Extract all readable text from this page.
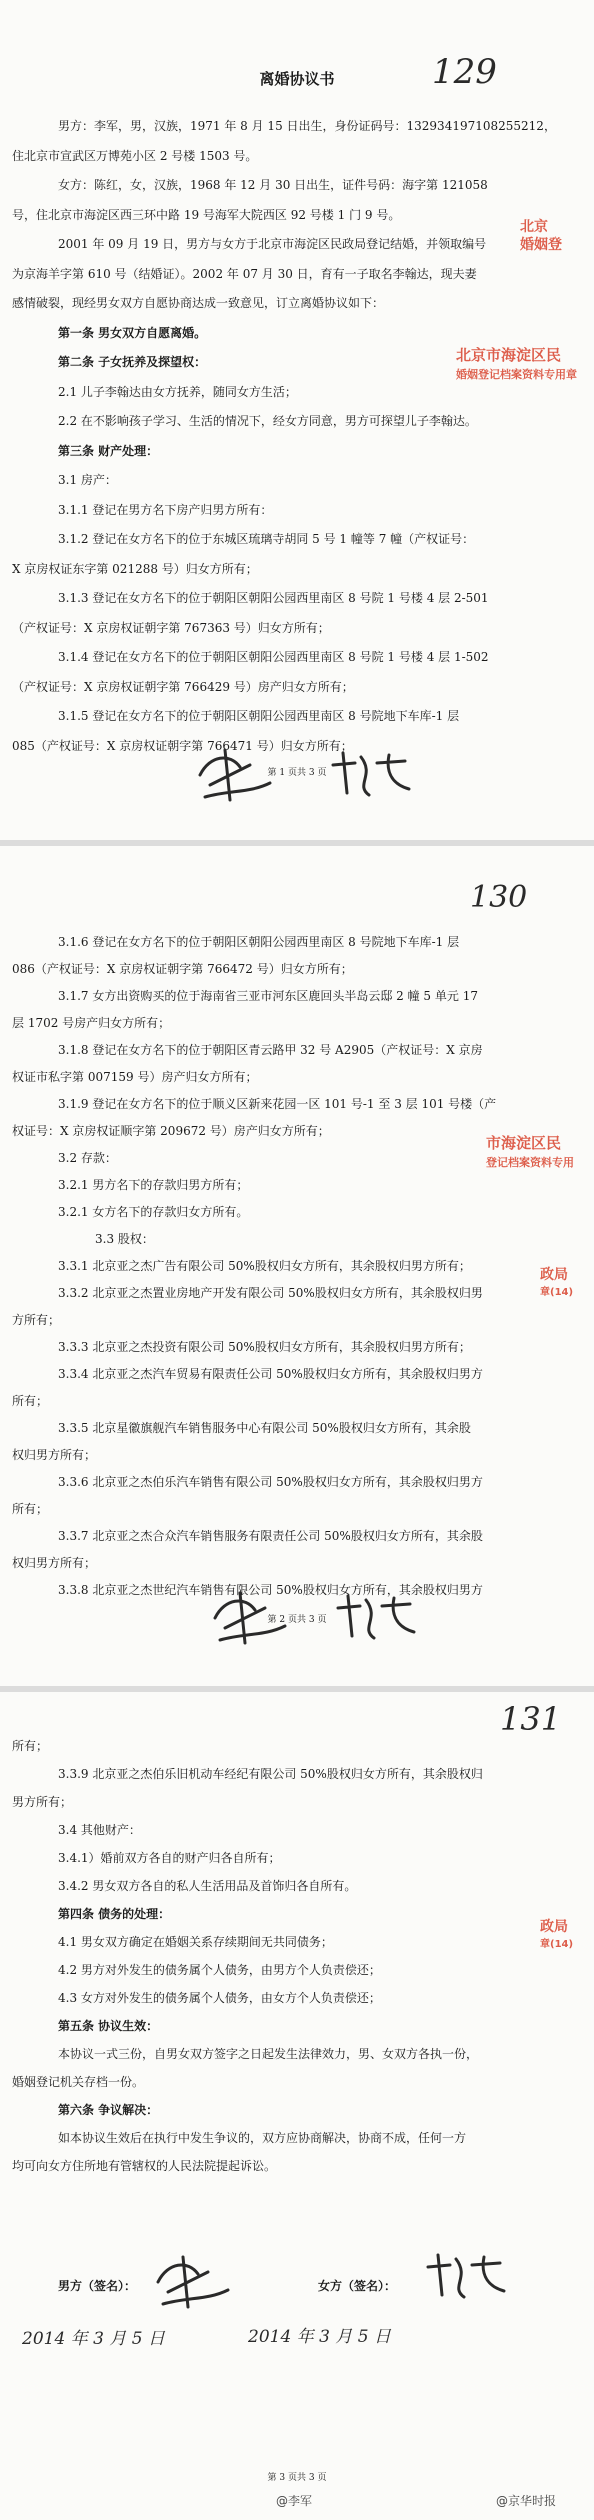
离婚协议书	129
男方：李军，男，汉族，1971 年 8 月 15 日出生，身份证码号：132934197108255212，
住北京市宣武区万博苑小区 2 号楼 1503 号。
女方：陈红，女，汉族，1968 年 12 月 30 日出生，证件号码：海字第 121058
号，住北京市海淀区西三环中路 19 号海军大院西区 92 号楼 1 门 9 号。
2001 年 09 月 19 日，男方与女方于北京市海淀区民政局登记结婚，并领取编号
为京海羊字第 610 号（结婚证）。2002 年 07 月 30 日，育有一子取名李翰达，现夫妻
感情破裂，现经男女双方自愿协商达成一致意见，订立离婚协议如下：
第一条 男女双方自愿离婚。
第二条 子女抚养及探望权：
2.1 儿子李翰达由女方抚养，随同女方生活；
2.2 在不影响孩子学习、生活的情况下，经女方同意，男方可探望儿子李翰达。
第三条 财产处理：
3.1 房产：
3.1.1 登记在男方名下房产归男方所有：
3.1.2 登记在女方名下的位于东城区琉璃寺胡同 5 号 1 幢等 7 幢（产权证号：
X 京房权证东字第 021288 号）归女方所有；
3.1.3 登记在女方名下的位于朝阳区朝阳公园西里南区 8 号院 1 号楼 4 层 2-501
（产权证号：X 京房权证朝字第 767363 号）归女方所有；
3.1.4 登记在女方名下的位于朝阳区朝阳公园西里南区 8 号院 1 号楼 4 层 1-502
（产权证号：X 京房权证朝字第 766429 号）房产归女方所有；
3.1.5 登记在女方名下的位于朝阳区朝阳公园西里南区 8 号院地下车库-1 层
085（产权证号：X 京房权证朝字第 766471 号）归女方所有；
北京
婚姻登
北京市海淀区民
婚姻登记档案资料专用章
第 1 页共 3 页
130
3.1.6 登记在女方名下的位于朝阳区朝阳公园西里南区 8 号院地下车库-1 层
086（产权证号：X 京房权证朝字第 766472 号）归女方所有；
3.1.7 女方出资购买的位于海南省三亚市河东区鹿回头半岛云邸 2 幢 5 单元 17
层 1702 号房产归女方所有；
3.1.8 登记在女方名下的位于朝阳区青云路甲 32 号 A2905（产权证号：X 京房
权证市私字第 007159 号）房产归女方所有；
3.1.9 登记在女方名下的位于顺义区新来花园一区 101 号-1 至 3 层 101 号楼（产
权证号：X 京房权证顺字第 209672 号）房产归女方所有；
3.2 存款：
3.2.1 男方名下的存款归男方所有；
3.2.1 女方名下的存款归女方所有。
3.3 股权：
3.3.1 北京亚之杰广告有限公司 50%股权归女方所有，其余股权归男方所有；
3.3.2 北京亚之杰置业房地产开发有限公司 50%股权归女方所有，其余股权归男
方所有；
3.3.3 北京亚之杰投资有限公司 50%股权归女方所有，其余股权归男方所有；
3.3.4 北京亚之杰汽车贸易有限责任公司 50%股权归女方所有，其余股权归男方
所有；
3.3.5 北京星徽旗舰汽车销售服务中心有限公司 50%股权归女方所有，其余股
权归男方所有；
3.3.6 北京亚之杰伯乐汽车销售有限公司 50%股权归女方所有，其余股权归男方
所有；
3.3.7 北京亚之杰合众汽车销售服务有限责任公司 50%股权归女方所有，其余股
权归男方所有；
3.3.8 北京亚之杰世纪汽车销售有限公司 50%股权归女方所有，其余股权归男方
市海淀区民
登记档案资料专用
政局
章(14)
第 2 页共 3 页
131
所有；
3.3.9 北京亚之杰伯乐旧机动车经纪有限公司 50%股权归女方所有，其余股权归
男方所有；
3.4 其他财产：
3.4.1）婚前双方各自的财产归各自所有；
3.4.2 男女双方各自的私人生活用品及首饰归各自所有。
第四条 债务的处理：
4.1 男女双方确定在婚姻关系存续期间无共同债务；
4.2 男方对外发生的债务属个人债务，由男方个人负责偿还；
4.3 女方对外发生的债务属个人债务，由女方个人负责偿还；
第五条 协议生效：
本协议一式三份，自男女双方签字之日起发生法律效力，男、女双方各执一份，
婚姻登记机关存档一份。
第六条 争议解决：
如本协议生效后在执行中发生争议的，双方应协商解决，协商不成，任何一方
均可向女方住所地有管辖权的人民法院提起诉讼。
政局
章(14)
男方（签名）：	女方（签名）：
2014 年 3 月 5 日	2014 年 3 月 5 日
第 3 页共 3 页
@李军	@京华时报
